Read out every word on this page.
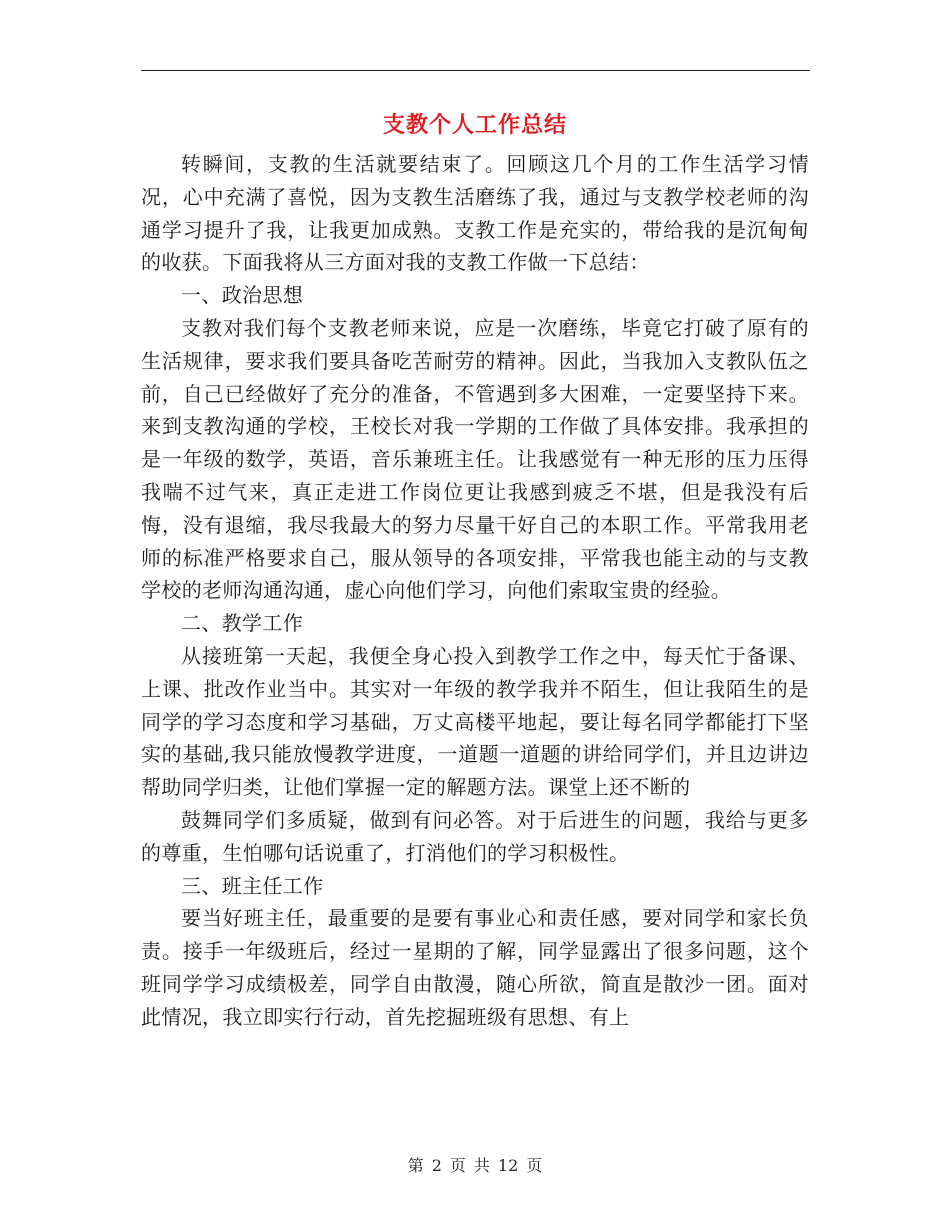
支教个人工作总结

转瞬间，支教的生活就要结束了。回顾这几个月的工作生活学习情况，心中充满了喜悦，因为支教生活磨练了我，通过与支教学校老师的沟通学习提升了我，让我更加成熟。支教工作是充实的，带给我的是沉甸甸的收获。下面我将从三方面对我的支教工作做一下总结：

一、政治思想

支教对我们每个支教老师来说，应是一次磨练，毕竟它打破了原有的生活规律，要求我们要具备吃苦耐劳的精神。因此，当我加入支教队伍之前，自己已经做好了充分的准备，不管遇到多大困难，一定要坚持下来。来到支教沟通的学校，王校长对我一学期的工作做了具体安排。我承担的是一年级的数学，英语，音乐兼班主任。让我感觉有一种无形的压力压得我喘不过气来，真正走进工作岗位更让我感到疲乏不堪，但是我没有后悔，没有退缩，我尽我最大的努力尽量干好自己的本职工作。平常我用老师的标准严格要求自己，服从领导的各项安排，平常我也能主动的与支教学校的老师沟通沟通，虚心向他们学习，向他们索取宝贵的经验。

二、教学工作

从接班第一天起，我便全身心投入到教学工作之中，每天忙于备课、上课、批改作业当中。其实对一年级的教学我并不陌生，但让我陌生的是同学的学习态度和学习基础，万丈高楼平地起，要让每名同学都能打下坚实的基础,我只能放慢教学进度，一道题一道题的讲给同学们，并且边讲边帮助同学归类，让他们掌握一定的解题方法。课堂上还不断的

鼓舞同学们多质疑，做到有问必答。对于后进生的问题，我给与更多的尊重，生怕哪句话说重了，打消他们的学习积极性。

三、班主任工作

要当好班主任，最重要的是要有事业心和责任感，要对同学和家长负责。接手一年级班后，经过一星期的了解，同学显露出了很多问题，这个班同学学习成绩极差，同学自由散漫，随心所欲，简直是散沙一团。面对此情况，我立即实行行动，首先挖掘班级有思想、有上

第 2 页 共 12 页
